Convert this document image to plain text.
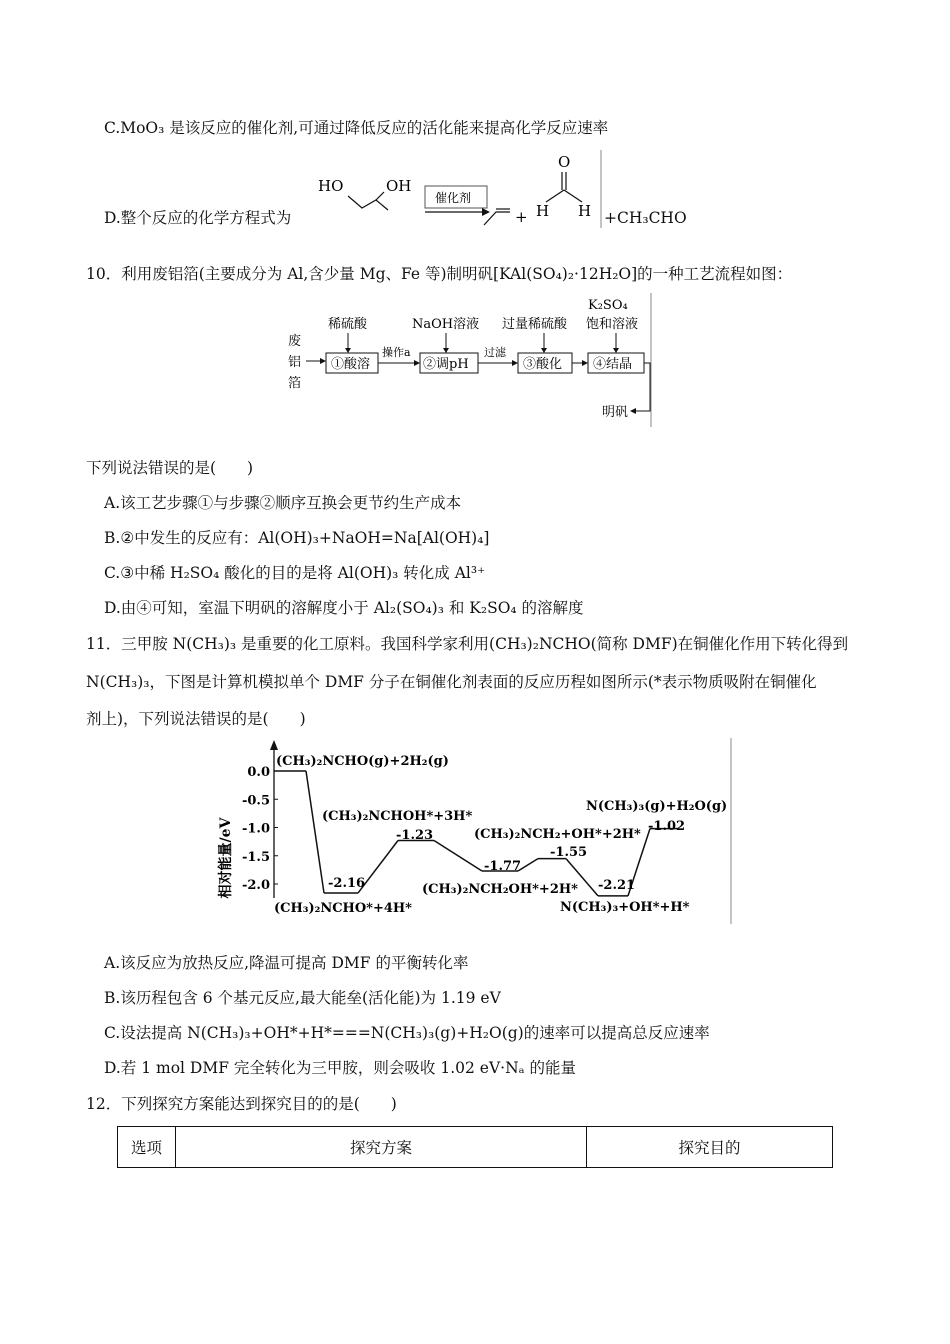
C.MoO₃ 是该反应的催化剂,可通过降低反应的活化能来提高化学反应速率
D.整个反应的化学方程式为
HO	OH
催化剂
+
O
H H +CH₃CHO
10．利用废铝箔(主要成分为 Al,含少量 Mg、Fe 等)制明矾[KAl(SO₄)₂·12H₂O]的一种工艺流程如图：
废
铝
箔
稀硫酸
①酸溶
操作a
NaOH溶液
②调pH
过滤
过量稀硫酸
③酸化
K₂SO₄
饱和溶液
④结晶
明矾
下列说法错误的是(　　)
A.该工艺步骤①与步骤②顺序互换会更节约生产成本
B.②中发生的反应有：Al(OH)₃+NaOH=Na[Al(OH)₄]
C.③中稀 H₂SO₄ 酸化的目的是将 Al(OH)₃ 转化成 Al³⁺
D.由④可知，室温下明矾的溶解度小于 Al₂(SO₄)₃ 和 K₂SO₄ 的溶解度
11．三甲胺 N(CH₃)₃ 是重要的化工原料。我国科学家利用(CH₃)₂NCHO(简称 DMF)在铜催化作用下转化得到
N(CH₃)₃，下图是计算机模拟单个 DMF 分子在铜催化剂表面的反应历程如图所示(*表示物质吸附在铜催化
剂上)，下列说法错误的是(　　)
相对能量/eV
0.0
-0.5
-1.0
-1.5
-2.0	-2.16
-1.23
-1.77
-1.55
-2.21
-1.02
(CH₃)₂NCHO(g)+2H₂(g)
(CH₃)₂NCHO*+4H*
(CH₃)₂NCHOH*+3H*
(CH₃)₂NCH₂OH*+2H*
(CH₃)₂NCH₂+OH*+2H*
N(CH₃)₃+OH*+H*
N(CH₃)₃(g)+H₂O(g)
A.该反应为放热反应,降温可提高 DMF 的平衡转化率
B.该历程包含 6 个基元反应,最大能垒(活化能)为 1.19 eV
C.设法提高 N(CH₃)₃+OH*+H*===N(CH₃)₃(g)+H₂O(g)的速率可以提高总反应速率
D.若 1 mol DMF 完全转化为三甲胺，则会吸收 1.02 eV·Nₐ 的能量
12．下列探究方案能达到探究目的的是(　　)
选项	探究方案	探究目的
